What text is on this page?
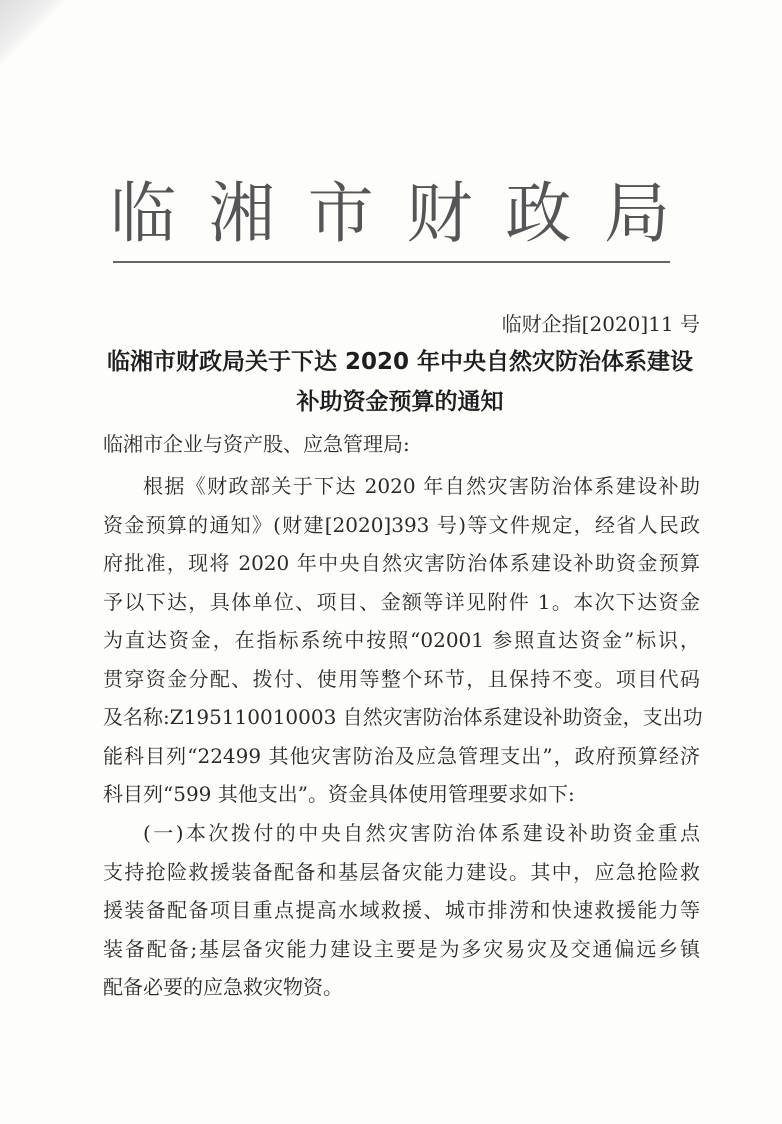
临 湘 市 财 政 局
临财企指[2020]11 号
临湘市财政局关于下达 2020 年中央自然灾防治体系建设
补助资金预算的通知
临湘市企业与资产股、应急管理局:
根据《财政部关于下达 2020 年自然灾害防治体系建设补助
资金预算的通知》(财建[2020]393 号)等文件规定，经省人民政
府批准，现将 2020 年中央自然灾害防治体系建设补助资金预算
予以下达，具体单位、项目、金额等详见附件 1。本次下达资金
为直达资金，在指标系统中按照“02001 参照直达资金”标识，
贯穿资金分配、拨付、使用等整个环节，且保持不变。项目代码
及名称:Z195110010003 自然灾害防治体系建设补助资金，支出功
能科目列“22499 其他灾害防治及应急管理支出”，政府预算经济
科目列“599 其他支出”。资金具体使用管理要求如下:
(一)本次拨付的中央自然灾害防治体系建设补助资金重点
支持抢险救援装备配备和基层备灾能力建设。其中，应急抢险救
援装备配备项目重点提高水域救援、城市排涝和快速救援能力等
装备配备;基层备灾能力建设主要是为多灾易灾及交通偏远乡镇
配备必要的应急救灾物资。
